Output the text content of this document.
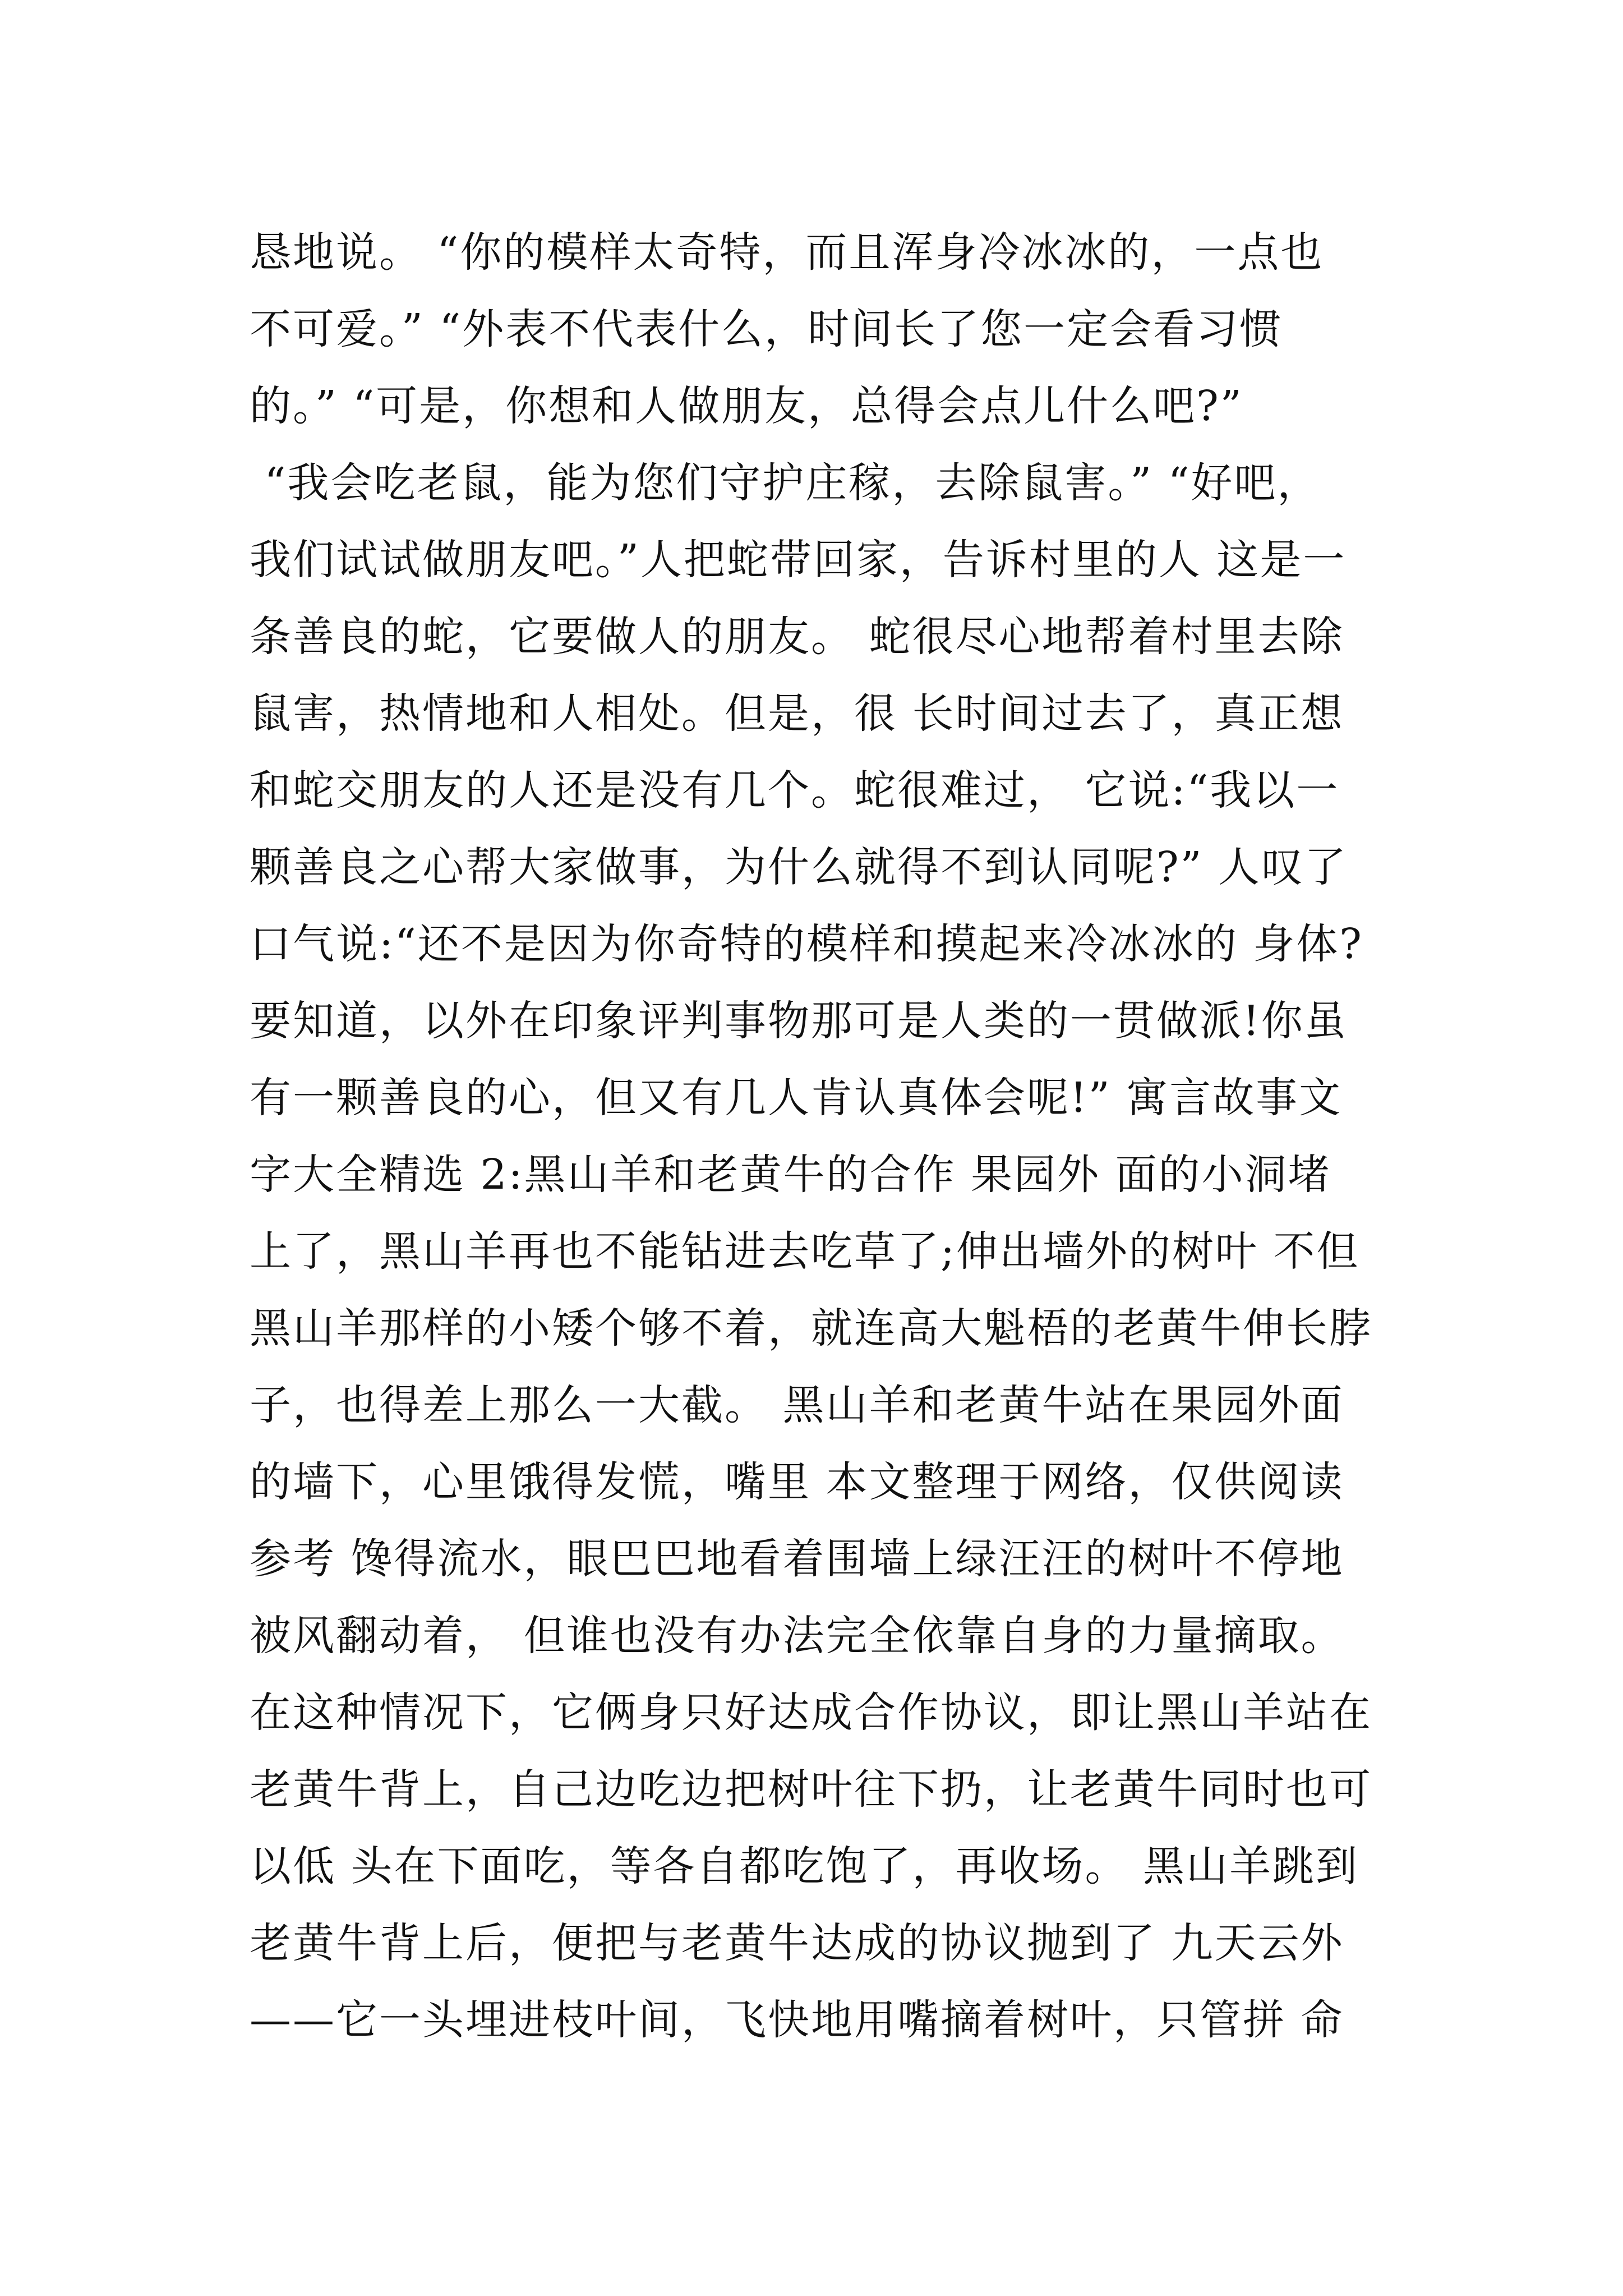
恳地说。 “你的模样太奇特，而且浑身冷冰冰的，一点也
不可爱。” “外表不代表什么，时间长了您一定会看习惯
的。” “可是，你想和人做朋友，总得会点儿什么吧?”
“我会吃老鼠，能为您们守护庄稼，去除鼠害。” “好吧，
我们试试做朋友吧。”人把蛇带回家，告诉村里的人 这是一
条善良的蛇，它要做人的朋友。 蛇很尽心地帮着村里去除
鼠害，热情地和人相处。但是，很 长时间过去了，真正想
和蛇交朋友的人还是没有几个。蛇很难过， 它说:“我以一
颗善良之心帮大家做事，为什么就得不到认同呢?” 人叹了
口气说:“还不是因为你奇特的模样和摸起来冷冰冰的 身体?
要知道，以外在印象评判事物那可是人类的一贯做派!你虽
有一颗善良的心，但又有几人肯认真体会呢!” 寓言故事文
字大全精选 2:黑山羊和老黄牛的合作 果园外 面的小洞堵
上了，黑山羊再也不能钻进去吃草了;伸出墙外的树叶 不但
黑山羊那样的小矮个够不着，就连高大魁梧的老黄牛伸长脖
子，也得差上那么一大截。 黑山羊和老黄牛站在果园外面
的墙下，心里饿得发慌，嘴里 本文整理于网络，仅供阅读
参考 馋得流水，眼巴巴地看着围墙上绿汪汪的树叶不停地
被风翻动着， 但谁也没有办法完全依靠自身的力量摘取。
在这种情况下，它俩身只好达成合作协议，即让黑山羊站在
老黄牛背上，自己边吃边把树叶往下扔，让老黄牛同时也可
以低 头在下面吃，等各自都吃饱了，再收场。 黑山羊跳到
老黄牛背上后，便把与老黄牛达成的协议抛到了 九天云外
——它一头埋进枝叶间，飞快地用嘴摘着树叶，只管拼 命
